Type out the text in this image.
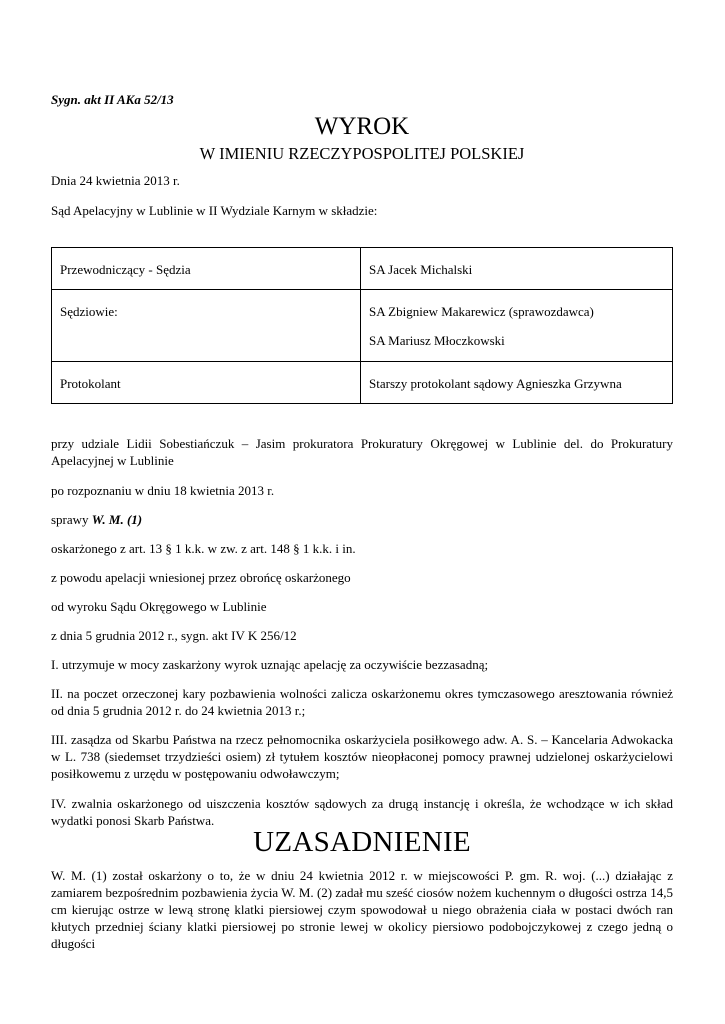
Sygn. akt II AKa 52/13
WYROK
W IMIENIU RZECZYPOSPOLITEJ POLSKIEJ
Dnia 24 kwietnia 2013 r.
Sąd Apelacyjny w Lublinie w II Wydziale Karnym w składzie:
Przewodniczący - Sędzia	SA Jacek Michalski

Sędziowie:	SA Zbigniew Makarewicz (sprawozdawca)
SA Mariusz Młoczkowski

Protokolant	Starszy protokolant sądowy Agnieszka Grzywna
przy udziale Lidii Sobestiańczuk – Jasim prokuratora Prokuratury Okręgowej w Lublinie del. do Prokuratury Apelacyjnej w Lublinie
po rozpoznaniu w dniu 18 kwietnia 2013 r.
sprawy W. M. (1)
oskarżonego z art. 13 § 1 k.k. w zw. z art. 148 § 1 k.k. i in.
z powodu apelacji wniesionej przez obrońcę oskarżonego
od wyroku Sądu Okręgowego w Lublinie
z dnia 5 grudnia 2012 r., sygn. akt IV K 256/12
I. utrzymuje w mocy zaskarżony wyrok uznając apelację za oczywiście bezzasadną;
II. na poczet orzeczonej kary pozbawienia wolności zalicza oskarżonemu okres tymczasowego aresztowania również od dnia 5 grudnia 2012 r. do 24 kwietnia 2013 r.;
III. zasądza od Skarbu Państwa na rzecz pełnomocnika oskarżyciela posiłkowego adw. A. S. – Kancelaria Adwokacka w L. 738 (siedemset trzydzieści osiem) zł tytułem kosztów nieopłaconej pomocy prawnej udzielonej oskarżycielowi posiłkowemu z urzędu w postępowaniu odwoławczym;
IV. zwalnia oskarżonego od uiszczenia kosztów sądowych za drugą instancję i określa, że wchodzące w ich skład wydatki ponosi Skarb Państwa.
UZASADNIENIE
W. M. (1) został oskarżony o to, że w dniu 24 kwietnia 2012 r. w miejscowości P. gm. R. woj. (...) działając z zamiarem bezpośrednim pozbawienia życia W. M. (2) zadał mu sześć ciosów nożem kuchennym o długości ostrza 14,5 cm kierując ostrze w lewą stronę klatki piersiowej czym spowodował u niego obrażenia ciała w postaci dwóch ran kłutych przedniej ściany klatki piersiowej po stronie lewej w okolicy piersiowo podobojczykowej z czego jedną o długości
